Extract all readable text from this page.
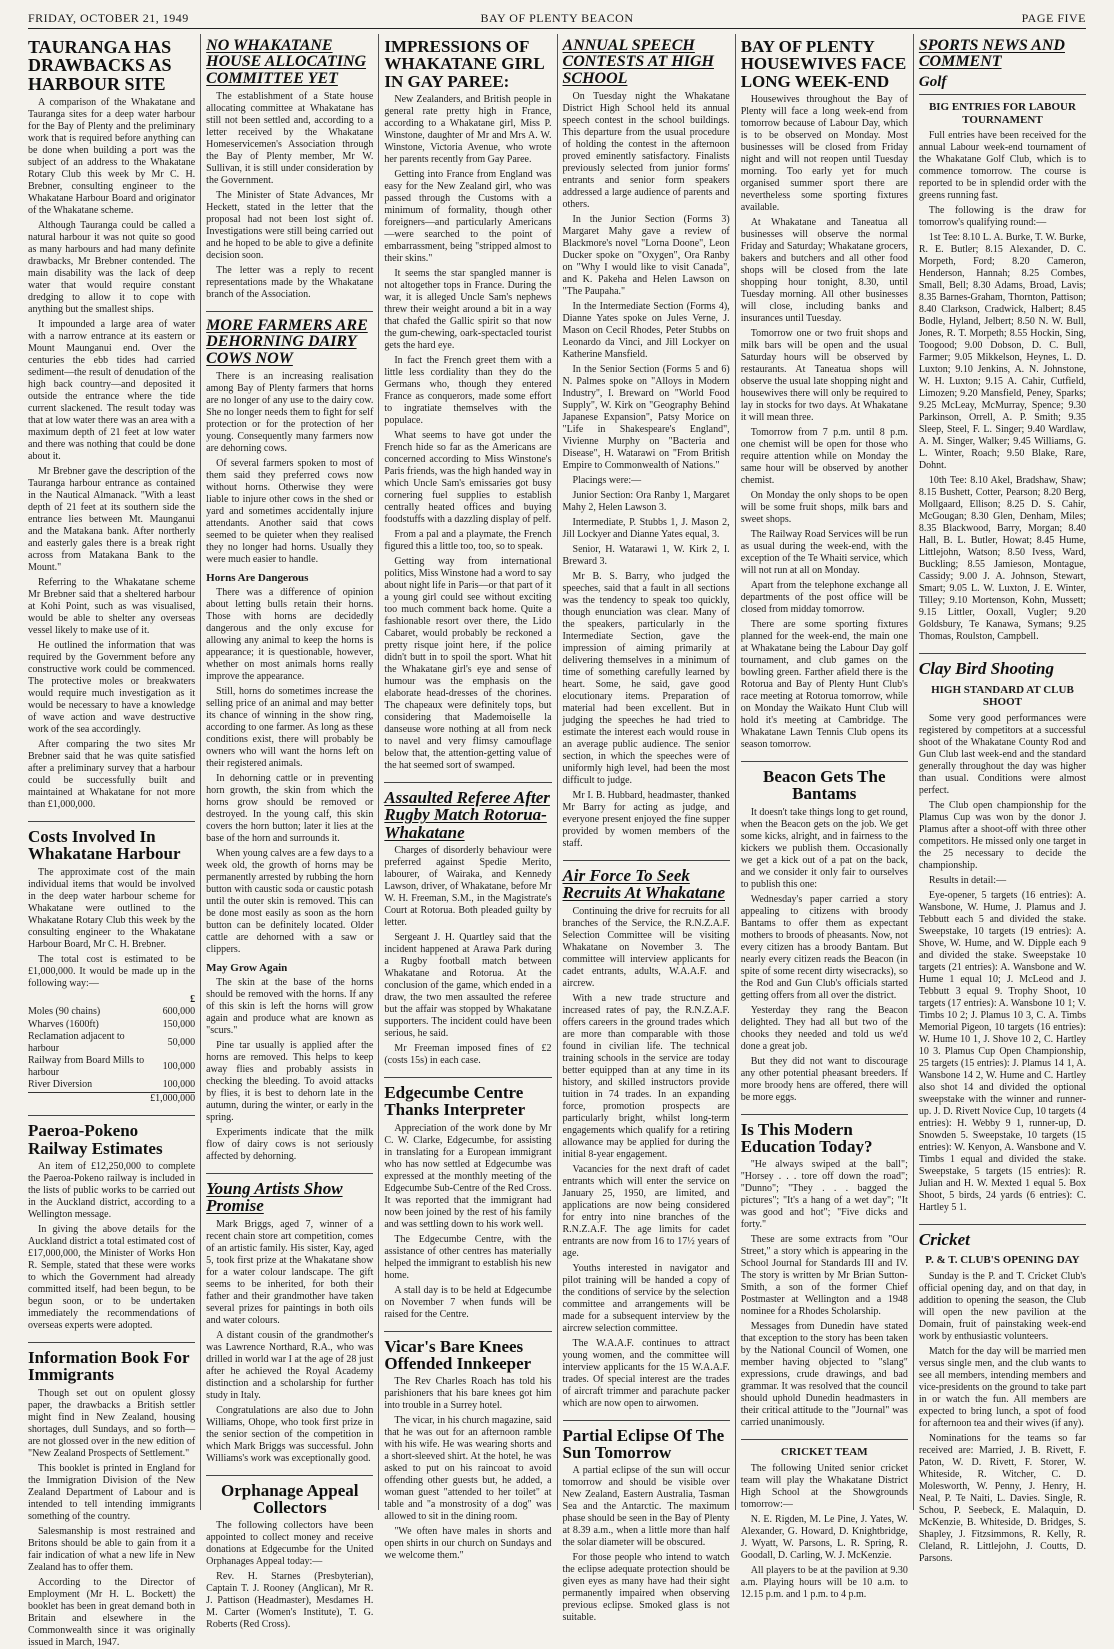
FRIDAY, OCTOBER 21, 1949	BAY OF PLENTY BEACON	PAGE FIVE
TAURANGA HAS DRAWBACKS AS HARBOUR SITE

A comparison of the Whakatane and Tauranga sites for a deep water harbour for the Bay of Plenty and the preliminary work that is required before anything can be done when building a port was the subject of an address to the Whakatane Rotary Club this week by Mr C. H. Brebner, consulting engineer to the Whakatane Harbour Board and originator of the Whakatane scheme.

Although Tauranga could be called a natural harbour it was not quite so good as many harbours and had many definite drawbacks, Mr Brebner contended. The main disability was the lack of deep water that would require constant dredging to allow it to cope with anything but the smallest ships.

It impounded a large area of water with a narrow entrance at its eastern or Mount Maunganui end. Over the centuries the ebb tides had carried sediment—the result of denudation of the high back country—and deposited it outside the entrance where the tide current slackened. The result today was that at low water there was an area with a maximum depth of 21 feet at low water and there was nothing that could be done about it.

Mr Brebner gave the description of the Tauranga harbour entrance as contained in the Nautical Almanack. "With a least depth of 21 feet at its southern side the entrance lies between Mt. Maunganui and the Matakana bank. After northerly and easterly gales there is a break right across from Matakana Bank to the Mount."

Referring to the Whakatane scheme Mr Brebner said that a sheltered harbour at Kohi Point, such as was visualised, would be able to shelter any overseas vessel likely to make use of it.

He outlined the information that was required by the Government before any constructive work could be commenced. The protective moles or breakwaters would require much investigation as it would be necessary to have a knowledge of wave action and wave destructive work of the sea accordingly.

After comparing the two sites Mr Brebner said that he was quite satisfied after a preliminary survey that a harbour could be successfully built and maintained at Whakatane for not more than £1,000,000.

Costs Involved In Whakatane Harbour

The approximate cost of the main individual items that would be involved in the deep water harbour scheme for Whakatane were outlined to the Whakatane Rotary Club this week by the consulting engineer to the Whakatane Harbour Board, Mr C. H. Brebner.

The total cost is estimated to be £1,000,000. It would be made up in the following way:—

	£
Moles (90 chains)	600,000
Wharves (1600ft)	150,000
Reclamation adjacent to harbour	50,000
Railway from Board Mills to harbour	100,000
River Diversion	100,000
	£1,000,000
Paeroa-Pokeno Railway Estimates

An item of £12,250,000 to complete the Paeroa-Pokeno railway is included in the lists of public works to be carried out in the Auckland district, according to a Wellington message.

In giving the above details for the Auckland district a total estimated cost of £17,000,000, the Minister of Works Hon R. Semple, stated that these were works to which the Government had already committed itself, had been begun, to be begun soon, or to be undertaken immediately the recommendations of overseas experts were adopted.

Information Book For Immigrants

Though set out on opulent glossy paper, the drawbacks a British settler might find in New Zealand, housing shortages, dull Sundays, and so forth—are not glossed over in the new edition of "New Zealand Prospects of Settlement."

This booklet is printed in England for the Immigration Division of the New Zealand Department of Labour and is intended to tell intending immigrants something of the country.

Salesmanship is most restrained and Britons should be able to gain from it a fair indication of what a new life in New Zealand has to offer them.

According to the Director of Employment (Mr H. L. Bockett) the booklet has been in great demand both in Britain and elsewhere in the Commonwealth since it was originally issued in March, 1947.

NO WHAKATANE HOUSE ALLOCATING COMMITTEE YET

The establishment of a State house allocating committee at Whakatane has still not been settled and, according to a letter received by the Whakatane Homeservicemen's Association through the Bay of Plenty member, Mr W. Sullivan, it is still under consideration by the Government.

The Minister of State Advances, Mr Heckett, stated in the letter that the proposal had not been lost sight of. Investigations were still being carried out and he hoped to be able to give a definite decision soon.

The letter was a reply to recent representations made by the Whakatane branch of the Association.

MORE FARMERS ARE DEHORNING DAIRY COWS NOW

There is an increasing realisation among Bay of Plenty farmers that horns are no longer of any use to the dairy cow. She no longer needs them to fight for self protection or for the protection of her young. Consequently many farmers now are dehorning cows.

Of several farmers spoken to most of them said they preferred cows now without horns. Otherwise they were liable to injure other cows in the shed or yard and sometimes accidentally injure attendants. Another said that cows seemed to be quieter when they realised they no longer had horns. Usually they were much easier to handle.

Horns Are Dangerous

There was a difference of opinion about letting bulls retain their horns. Those with horns are decidedly dangerous and the only excuse for allowing any animal to keep the horns is appearance; it is questionable, however, whether on most animals horns really improve the appearance.

Still, horns do sometimes increase the selling price of an animal and may better its chance of winning in the show ring, according to one farmer. As long as these conditions exist, there will probably be owners who will want the horns left on their registered animals.

In dehorning cattle or in preventing horn growth, the skin from which the horns grow should be removed or destroyed. In the young calf, this skin covers the horn button; later it lies at the base of the horn and surrounds it.

When young calves are a few days to a week old, the growth of horns may be permanently arrested by rubbing the horn button with caustic soda or caustic potash until the outer skin is removed. This can be done most easily as soon as the horn button can be definitely located. Older cattle are dehorned with a saw or clippers.

May Grow Again

The skin at the base of the horns should be removed with the horns. If any of this skin is left the horns will grow again and produce what are known as "scurs."

Pine tar usually is applied after the horns are removed. This helps to keep away flies and probably assists in checking the bleeding. To avoid attacks by flies, it is best to dehorn late in the autumn, during the winter, or early in the spring.

Experiments indicate that the milk flow of dairy cows is not seriously affected by dehorning.

Young Artists Show Promise

Mark Briggs, aged 7, winner of a recent chain store art competition, comes of an artistic family. His sister, Kay, aged 5, took first prize at the Whakatane show for a water colour landscape. The gift seems to be inherited, for both their father and their grandmother have taken several prizes for paintings in both oils and water colours.

A distant cousin of the grandmother's was Lawrence Northard, R.A., who was drilled in world war I at the age of 28 just after he achieved the Royal Academy distinction and a scholarship for further study in Italy.

Congratulations are also due to John Williams, Ohope, who took first prize in the senior section of the competition in which Mark Briggs was successful. John Williams's work was exceptionally good.

Orphanage Appeal Collectors

The following collectors have been appointed to collect money and receive donations at Edgecumbe for the United Orphanages Appeal today:—

Rev. H. Starnes (Presbyterian), Captain T. J. Rooney (Anglican), Mr R. J. Pattison (Headmaster), Mesdames H. M. Carter (Women's Institute), T. G. Roberts (Red Cross).

IMPRESSIONS OF WHAKATANE GIRL IN GAY PAREE:

New Zealanders, and British people in general rate pretty high in France, according to a Whakatane girl, Miss P. Winstone, daughter of Mr and Mrs A. W. Winstone, Victoria Avenue, who wrote her parents recently from Gay Paree.

Getting into France from England was easy for the New Zealand girl, who was passed through the Customs with a minimum of formality, though other foreigners—and particularly Americans—were searched to the point of embarrassment, being "stripped almost to their skins."

It seems the star spangled manner is not altogether tops in France. During the war, it is alleged Uncle Sam's nephews threw their weight around a bit in a way that chafed the Gallic spirit so that now the gum-chewing, oark-spectacled tourist gets the hard eye.

In fact the French greet them with a little less cordiality than they do the Germans who, though they entered France as conquerors, made some effort to ingratiate themselves with the populace.

What seems to have got under the French hide so far as the Americans are concerned according to Miss Winstone's Paris friends, was the high handed way in which Uncle Sam's emissaries got busy cornering fuel supplies to establish centrally heated offices and buying foodstuffs with a dazzling display of pelf.

From a pal and a playmate, the French figured this a little too, too, so to speak.

Getting way from international politics, Miss Winstone had a word to say about night life in Paris—or that part of it a young girl could see without exciting too much comment back home. Quite a fashionable resort over there, the Lido Cabaret, would probably be reckoned a pretty risque joint here, if the police didn't butt in to spoil the sport. What hit the Whakatane girl's eye and sense of humour was the emphasis on the elaborate head-dresses of the chorines. The chapeaux were definitely tops, but considering that Mademoiselle la danseuse wore nothing at all from neck to navel and very flimsy camouflage below that, the attention-getting value of the hat seemed sort of swamped.

Assaulted Referee After Rugby Match Rotorua-Whakatane

Charges of disorderly behaviour were preferred against Spedie Merito, labourer, of Wairaka, and Kennedy Lawson, driver, of Whakatane, before Mr W. H. Freeman, S.M., in the Magistrate's Court at Rotorua. Both pleaded guilty by letter.

Sergeant J. H. Quartley said that the incident happened at Arawa Park during a Rugby football match between Whakatane and Rotorua. At the conclusion of the game, which ended in a draw, the two men assaulted the referee but the affair was stopped by Whakatane supporters. The incident could have been serious, he said.

Mr Freeman imposed fines of £2 (costs 15s) in each case.

Edgecumbe Centre Thanks Interpreter

Appreciation of the work done by Mr C. W. Clarke, Edgecumbe, for assisting in translating for a European immigrant who has now settled at Edgecumbe was expressed at the monthly meeting of the Edgecumbe Sub-Centre of the Red Cross. It was reported that the immigrant had now been joined by the rest of his family and was settling down to his work well.

The Edgecumbe Centre, with the assistance of other centres has materially helped the immigrant to establish his new home.

A stall day is to be held at Edgecumbe on November 7 when funds will be raised for the Centre.

Vicar's Bare Knees Offended Innkeeper

The Rev Charles Roach has told his parishioners that his bare knees got him into trouble in a Surrey hotel.

The vicar, in his church magazine, said that he was out for an afternoon ramble with his wife. He was wearing shorts and a short-sleeved shirt. At the hotel, he was asked to put on his raincoat to avoid offending other guests but, he added, a woman guest "attended to her toilet" at table and "a monstrosity of a dog" was allowed to sit in the dining room.

"We often have males in shorts and open shirts in our church on Sundays and we welcome them."

ANNUAL SPEECH CONTESTS AT HIGH SCHOOL

On Tuesday night the Whakatane District High School held its annual speech contest in the school buildings. This departure from the usual procedure of holding the contest in the afternoon proved eminently satisfactory. Finalists previously selected from junior forms' entrants and senior form speakers addressed a large audience of parents and others.

In the Junior Section (Forms 3) Margaret Mahy gave a review of Blackmore's novel "Lorna Doone", Leon Ducker spoke on "Oxygen", Ora Ranby on "Why I would like to visit Canada", and K. Pakeha and Helen Lawson on "The Paupaha."

In the Intermediate Section (Forms 4), Dianne Yates spoke on Jules Verne, J. Mason on Cecil Rhodes, Peter Stubbs on Leonardo da Vinci, and Jill Lockyer on Katherine Mansfield.

In the Senior Section (Forms 5 and 6) N. Palmes spoke on "Alloys in Modern Industry", I. Breward on "World Food Supply", W. Kirk on "Geography Behind Japanese Expansion", Patsy Morice on "Life in Shakespeare's England", Vivienne Murphy on "Bacteria and Disease", H. Watarawi on "From British Empire to Commonwealth of Nations."

Placings were:—

Junior Section: Ora Ranby 1, Margaret Mahy 2, Helen Lawson 3.

Intermediate, P. Stubbs 1, J. Mason 2, Jill Lockyer and Dianne Yates equal, 3.

Senior, H. Watarawi 1, W. Kirk 2, I. Breward 3.

Mr B. S. Barry, who judged the speeches, said that a fault in all sections was the tendency to speak too quickly, though enunciation was clear. Many of the speakers, particularly in the Intermediate Section, gave the impression of aiming primarily at delivering themselves in a minimum of time of something carefully learned by heart. Some, he said, gave good elocutionary items. Preparation of material had been excellent. But in judging the speeches he had tried to estimate the interest each would rouse in an average public audience. The senior section, in which the speeches were of uniformly high level, had been the most difficult to judge.

Mr I. B. Hubbard, headmaster, thanked Mr Barry for acting as judge, and everyone present enjoyed the fine supper provided by women members of the staff.

Air Force To Seek Recruits At Whakatane

Continuing the drive for recruits for all branches of the Service, the R.N.Z.A.F. Selection Committee will be visiting Whakatane on November 3. The committee will interview applicants for cadet entrants, adults, W.A.A.F. and aircrew.

With a new trade structure and increased rates of pay, the R.N.Z.A.F. offers careers in the ground trades which are more than comparable with those found in civilian life. The technical training schools in the service are today better equipped than at any time in its history, and skilled instructors provide tuition in 74 trades. In an expanding force, promotion prospects are particularly bright, whilst long-term engagements which qualify for a retiring allowance may be applied for during the initial 8-year engagement.

Vacancies for the next draft of cadet entrants which will enter the service on January 25, 1950, are limited, and applications are now being considered for entry into nine branches of the R.N.Z.A.F. The age limits for cadet entrants are now from 16 to 17½ years of age.

Youths interested in navigator and pilot training will be handed a copy of the conditions of service by the selection committee and arrangements will be made for a subsequent interview by the aircrew selection committee.

The W.A.A.F. continues to attract young women, and the committee will interview applicants for the 15 W.A.A.F. trades. Of special interest are the trades of aircraft trimmer and parachute packer which are now open to airwomen.

Partial Eclipse Of The Sun Tomorrow

A partial eclipse of the sun will occur tomorrow and should be visible over New Zealand, Eastern Australia, Tasman Sea and the Antarctic. The maximum phase should be seen in the Bay of Plenty at 8.39 a.m., when a little more than half the solar diameter will be obscured.

For those people who intend to watch the eclipse adequate protection should be given eyes as many have had their sight permanently impaired when observing previous eclipse. Smoked glass is not suitable.

BAY OF PLENTY HOUSEWIVES FACE LONG WEEK-END

Housewives throughout the Bay of Plenty will face a long week-end from tomorrow because of Labour Day, which is to be observed on Monday. Most businesses will be closed from Friday night and will not reopen until Tuesday morning. Too early yet for much organised summer sport there are nevertheless some sporting fixtures available.

At Whakatane and Taneatua all businesses will observe the normal Friday and Saturday; Whakatane grocers, bakers and butchers and all other food shops will be closed from the late shopping hour tonight, 8.30, until Tuesday morning. All other businesses will close, including banks and insurances until Tuesday.

Tomorrow one or two fruit shops and milk bars will be open and the usual Saturday hours will be observed by restaurants. At Taneatua shops will observe the usual late shopping night and housewives there will only be required to lay in stocks for two days. At Whakatane it will mean three.

Tomorrow from 7 p.m. until 8 p.m. one chemist will be open for those who require attention while on Monday the same hour will be observed by another chemist.

On Monday the only shops to be open will be some fruit shops, milk bars and sweet shops.

The Railway Road Services will be run as usual during the week-end, with the exception of the Te Whaiti service, which will not run at all on Monday.

Apart from the telephone exchange all departments of the post office will be closed from midday tomorrow.

There are some sporting fixtures planned for the week-end, the main one at Whakatane being the Labour Day golf tournament, and club games on the bowling green. Farther afield there is the Rotorua and Bay of Plenty Hunt Club's race meeting at Rotorua tomorrow, while on Monday the Waikato Hunt Club will hold it's meeting at Cambridge. The Whakatane Lawn Tennis Club opens its season tomorrow.

Beacon Gets The Bantams

It doesn't take things long to get round, when the Beacon gets on the job. We get some kicks, alright, and in fairness to the kickers we publish them. Occasionally we get a kick out of a pat on the back, and we consider it only fair to ourselves to publish this one:

Wednesday's paper carried a story appealing to citizens with broody Bantams to offer them as expectant mothers to broods of pheasants. Now, not every citizen has a broody Bantam. But nearly every citizen reads the Beacon (in spite of some recent dirty wisecracks), so the Rod and Gun Club's officials started getting offers from all over the district.

Yesterday they rang the Beacon delighted. They had all but two of the chooks they needed and told us we'd done a great job.

But they did not want to discourage any other potential pheasant breeders. If more broody hens are offered, there will be more eggs.

Is This Modern Education Today?

"He always swiped at the ball"; "Horsey . . . tore off down the road"; "Dunno"; "They . . . bagged the pictures"; "It's a hang of a wet day"; "It was good and hot"; "Five dicks and forty."

These are some extracts from "Our Street," a story which is appearing in the School Journal for Standards III and IV. The story is written by Mr Brian Sutton-Smith, a son of the former Chief Postmaster at Wellington and a 1948 nominee for a Rhodes Scholarship.

Messages from Dunedin have stated that exception to the story has been taken by the National Council of Women, one member having objected to "slang" expressions, crude drawings, and bad grammar. It was resolved that the council should uphold Dunedin headmasters in their critical attitude to the "Journal" was carried unanimously.

CRICKET TEAM

The following United senior cricket team will play the Whakatane District High School at the Showgrounds tomorrow:—

N. E. Rigden, M. Le Pine, J. Yates, W. Alexander, G. Howard, D. Knightbridge, J. Wyatt, W. Parsons, L. R. Spring, R. Goodall, D. Carling, W. J. McKenzie.

All players to be at the pavilion at 9.30 a.m. Playing hours will be 10 a.m. to 12.15 p.m. and 1 p.m. to 4 p.m.

SPORTS NEWS AND COMMENT
Golf
BIG ENTRIES FOR LABOUR TOURNAMENT

Full entries have been received for the annual Labour week-end tournament of the Whakatane Golf Club, which is to commence tomorrow. The course is reported to be in splendid order with the greens running fast.

The following is the draw for tomorrow's qualifying round:—

1st Tee: 8.10 L. A. Burke, T. W. Burke, R. E. Butler; 8.15 Alexander, D. C. Morpeth, Ford; 8.20 Cameron, Henderson, Hannah; 8.25 Combes, Small, Bell; 8.30 Adams, Broad, Lavis; 8.35 Barnes-Graham, Thornton, Pattison; 8.40 Clarkson, Cradwick, Halbert; 8.45 Bodle, Hyland, Jelbert; 8.50 N. W. Bull, Jones, R. T. Morpeth; 8.55 Hockin, Sing, Toogood; 9.00 Dobson, D. C. Bull, Farmer; 9.05 Mikkelson, Heynes, L. D. Luxton; 9.10 Jenkins, A. N. Johnstone, W. H. Luxton; 9.15 A. Cahir, Cutfield, Limozen; 9.20 Mansfield, Peney, Sparks; 9.25 McLeay, McMurray, Spence; 9.30 Parkinson, Orrell, A. P. Smith; 9.35 Sleep, Steel, F. L. Singer; 9.40 Wardlaw, A. M. Singer, Walker; 9.45 Williams, G. L. Winter, Roach; 9.50 Blake, Rare, Dohnt.

10th Tee: 8.10 Akel, Bradshaw, Shaw; 8.15 Bushett, Cotter, Pearson; 8.20 Berg, Mollgaard, Ellison; 8.25 D. S. Cahir, McGougan; 8.30 Glen, Denham, Miles; 8.35 Blackwood, Barry, Morgan; 8.40 Hall, B. L. Butler, Howat; 8.45 Hume, Littlejohn, Watson; 8.50 Ivess, Ward, Buckling; 8.55 Jamieson, Montague, Cassidy; 9.00 J. A. Johnson, Stewart, Smart; 9.05 L. W. Luxton, J. E. Winter, Tilley; 9.10 Mortenson, Kohn, Mussett; 9.15 Littler, Ooxall, Vugler; 9.20 Goldsbury, Te Kanawa, Symans; 9.25 Thomas, Roulston, Campbell.

Clay Bird Shooting
HIGH STANDARD AT CLUB SHOOT

Some very good performances were registered by competitors at a successful shoot of the Whakatane County Rod and Gun Club last week-end and the standard generally throughout the day was higher than usual. Conditions were almost perfect.

The Club open championship for the Plamus Cup was won by the donor J. Plamus after a shoot-off with three other competitors. He missed only one target in the 25 necessary to decide the championship.

Results in detail:—

Eye-opener, 5 targets (16 entries): A. Wansbone, W. Hume, J. Plamus and J. Tebbutt each 5 and divided the stake. Sweepstake, 10 targets (19 entries): A. Shove, W. Hume, and W. Dipple each 9 and divided the stake. Sweepstake 10 targets (21 entries): A. Wansbone and W. Hume 1 equal 10; J. McLeod and J. Tebbutt 3 equal 9. Trophy Shoot, 10 targets (17 entries): A. Wansbone 10 1; V. Timbs 10 2; J. Plamus 10 3, C. A. Timbs Memorial Pigeon, 10 targets (16 entries): W. Hume 10 1, J. Shove 10 2, C. Hartley 10 3. Plamus Cup Open Championship, 25 targets (15 entries): J. Plamus 14 1, A. Wansbone 14 2, W. Hume and C. Hartley also shot 14 and divided the optional sweepstake with the winner and runner-up. J. D. Rivett Novice Cup, 10 targets (4 entries): H. Webby 9 1, runner-up, D. Snowden 5. Sweepstake, 10 targets (15 entries): W. Kenyon, A. Wansbone and V. Timbs 1 equal and divided the stake. Sweepstake, 5 targets (15 entries): R. Julian and H. W. Mexted 1 equal 5. Box Shoot, 5 birds, 24 yards (6 entries): C. Hartley 5 1.

Cricket
P. & T. CLUB'S OPENING DAY

Sunday is the P. and T. Cricket Club's official opening day, and on that day, in addition to opening the season, the Club will open the new pavilion at the Domain, fruit of painstaking week-end work by enthusiastic volunteers.

Match for the day will be married men versus single men, and the club wants to see all members, intending members and vice-presidents on the ground to take part in or watch the fun. All members are expected to bring lunch, a spot of food for afternoon tea and their wives (if any).

Nominations for the teams so far received are: Married, J. B. Rivett, F. Paton, W. D. Rivett, F. Storer, W. Whiteside, R. Witcher, C. D. Molesworth, W. Penny, J. Henry, H. Neal, P. Te Naiti, L. Davies. Single, R. Schou, P. Seebeck, E. Malaquin, D. McKenzie, B. Whiteside, D. Bridges, S. Shapley, J. Fitzsimmons, R. Kelly, R. Cleland, R. Littlejohn, J. Coutts, D. Parsons.
